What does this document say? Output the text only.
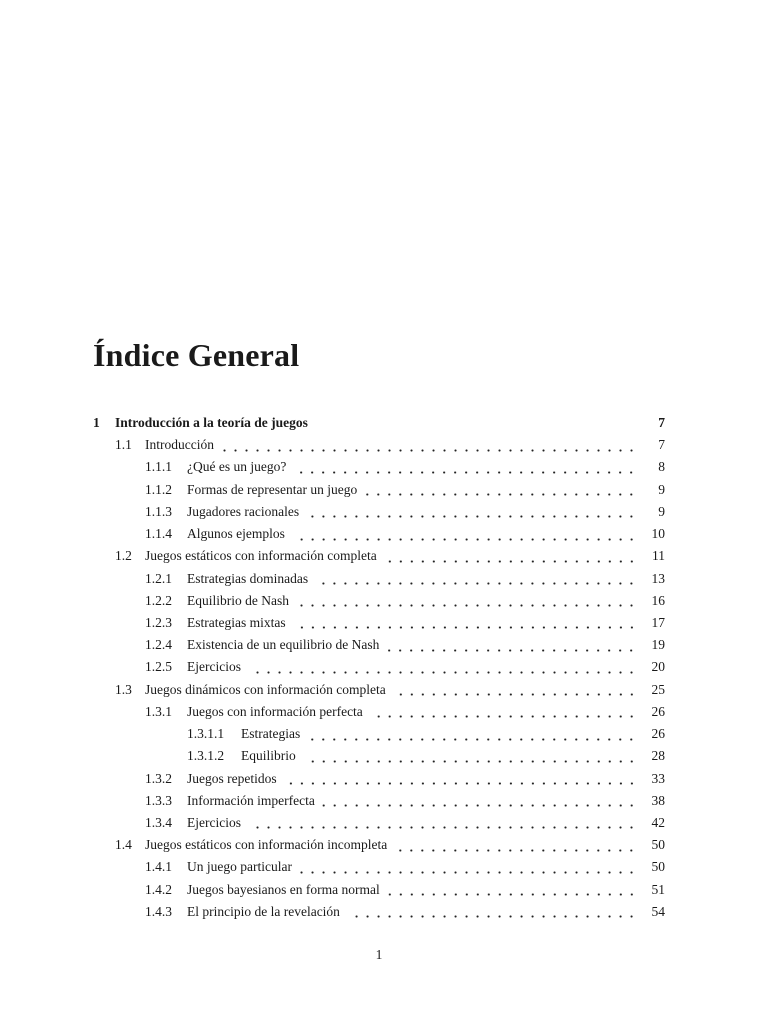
Índice General
1	Introducción a la teoría de juegos	7
1.1 Introducción	7
1.1.1	¿Qué es un juego?	8
1.1.2	Formas de representar un juego	9
1.1.3	Jugadores racionales	9
1.1.4	Algunos ejemplos	10
1.2 Juegos estáticos con información completa	11
1.2.1	Estrategias dominadas	13
1.2.2	Equilibrio de Nash	16
1.2.3	Estrategias mixtas	17
1.2.4	Existencia de un equilibrio de Nash	19
1.2.5	Ejercicios	20
1.3 Juegos dinámicos con información completa	25
1.3.1	Juegos con información perfecta	26
1.3.1.1	Estrategias	26
1.3.1.2	Equilibrio	28
1.3.2	Juegos repetidos	33
1.3.3	Información imperfecta	38
1.3.4	Ejercicios	42
1.4 Juegos estáticos con información incompleta	50
1.4.1	Un juego particular	50
1.4.2	Juegos bayesianos en forma normal	51
1.4.3	El principio de la revelación	54
1
